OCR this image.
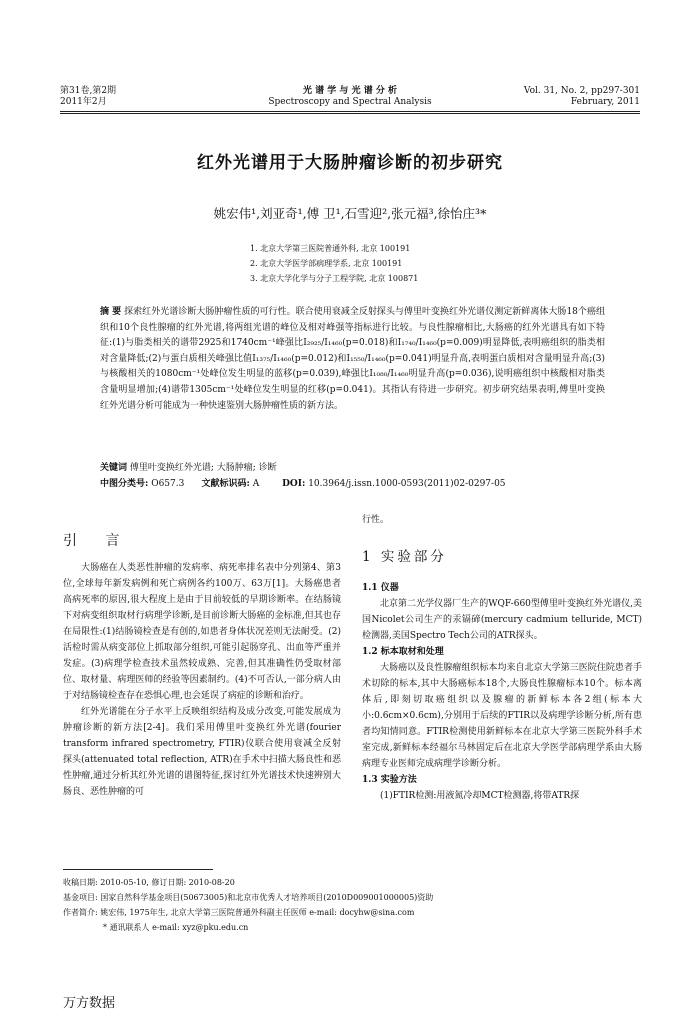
第31卷,第2期
2011年2月
光 谱 学 与 光 谱 分 析
Spectroscopy and Spectral Analysis
Vol. 31, No. 2, pp297-301
February, 2011
红外光谱用于大肠肿瘤诊断的初步研究
姚宏伟¹,刘亚奇¹,傅 卫¹,石雪迎²,张元福³,徐怡庄³*
1. 北京大学第三医院普通外科, 北京 100191
2. 北京大学医学部病理学系, 北京 100191
3. 北京大学化学与分子工程学院, 北京 100871
摘 要 探索红外光谱诊断大肠肿瘤性质的可行性。联合使用衰减全反射探头与傅里叶变换红外光谱仪测定新鲜离体大肠18个癌组织和10个良性腺瘤的红外光谱,将两组光谱的峰位及相对峰强等指标进行比较。与良性腺瘤相比,大肠癌的红外光谱具有如下特征:(1)与脂类相关的谱带2925和1740cm⁻¹峰强比I₂₉₂₅/I₁₄₆₀(p=0.018)和I₁₇₄₀/I₁₄₆₀(p=0.009)明显降低,表明癌组织的脂类相对含量降低;(2)与蛋白质相关峰强比值I₁₃₇₅/I₁₄₆₀(p=0.012)和I₁₅₅₀/I₁₄₆₀(p=0.041)明显升高,表明蛋白质相对含量明显升高;(3)与核酸相关的1080cm⁻¹处峰位发生明显的蓝移(p=0.039),峰强比I₁₀₈₀/I₁₄₆₀明显升高(p=0.036),说明癌组织中核酸相对脂类含量明显增加;(4)谱带1305cm⁻¹处峰位发生明显的红移(p=0.041)。其指认有待进一步研究。初步研究结果表明,傅里叶变换红外光谱分析可能成为一种快速鉴别大肠肿瘤性质的新方法。
关键词 傅里叶变换红外光谱; 大肠肿瘤; 诊断
中图分类号: O657.3 文献标识码: A	DOI: 10.3964/j.issn.1000-0593(2011)02-0297-05
引 言

大肠癌在人类恶性肿瘤的发病率、病死率排名表中分列第4、第3位,全球每年新发病例和死亡病例各约100万、63万[1]。大肠癌患者高病死率的原因,很大程度上是由于目前较低的早期诊断率。在结肠镜下对病变组织取材行病理学诊断,是目前诊断大肠癌的金标准,但其也存在局限性:(1)结肠镜检查是有创的,如患者身体状况差则无法耐受。(2)活检时需从病变部位上抓取部分组织,可能引起肠穿孔、出血等严重并发症。(3)病理学检查技术虽然较成熟、完善,但其准确性仍受取材部位、取材量、病理医师的经验等因素制约。(4)不可否认,一部分病人由于对结肠镜检查存在恐惧心理,也会延误了病症的诊断和治疗。

红外光谱能在分子水平上反映组织结构及成分改变,可能发展成为肿瘤诊断的新方法[2-4]。我们采用傅里叶变换红外光谱(fourier transform infrared spectrometry, FTIR)仪联合使用衰减全反射探头(attenuated total reflection, ATR)在手术中扫描大肠良性和恶性肿瘤,通过分析其红外光谱的谱图特征,探讨红外光谱技术快速辨别大肠良、恶性肿瘤的可

行性。
1 实验部分

1.1 仪器

北京第二光学仪器厂生产的WQF-660型傅里叶变换红外光谱仪,美国Nicolet公司生产的汞镉碲(mercury cadmium telluride, MCT)检测器,美国Spectro Tech公司的ATR探头。

1.2 标本取材和处理

大肠癌以及良性腺瘤组织标本均来自北京大学第三医院住院患者手术切除的标本,其中大肠癌标本18个,大肠良性腺瘤标本10个。标本离体后,即刻切取癌组织以及腺瘤的新鲜标本各2组(标本大小:0.6cm×0.6cm),分别用于后续的FTIR以及病理学诊断分析,所有患者均知情同意。FTIR检测使用新鲜标本在北京大学第三医院外科手术室完成,新鲜标本经福尔马林固定后在北京大学医学部病理学系由大肠病理专业医师完成病理学诊断分析。

1.3 实验方法

(1)FTIR检测:用液氮冷却MCT检测器,将带ATR探

收稿日期: 2010-05-10, 修订日期: 2010-08-20
基金项目: 国家自然科学基金项目(50673005)和北京市优秀人才培养项目(2010D009001000005)资助
作者简介: 姚宏伟, 1975年生, 北京大学第三医院普通外科副主任医师 e-mail: docyhw@sina.com
* 通讯联系人 e-mail: xyz@pku.edu.cn
万方数据
